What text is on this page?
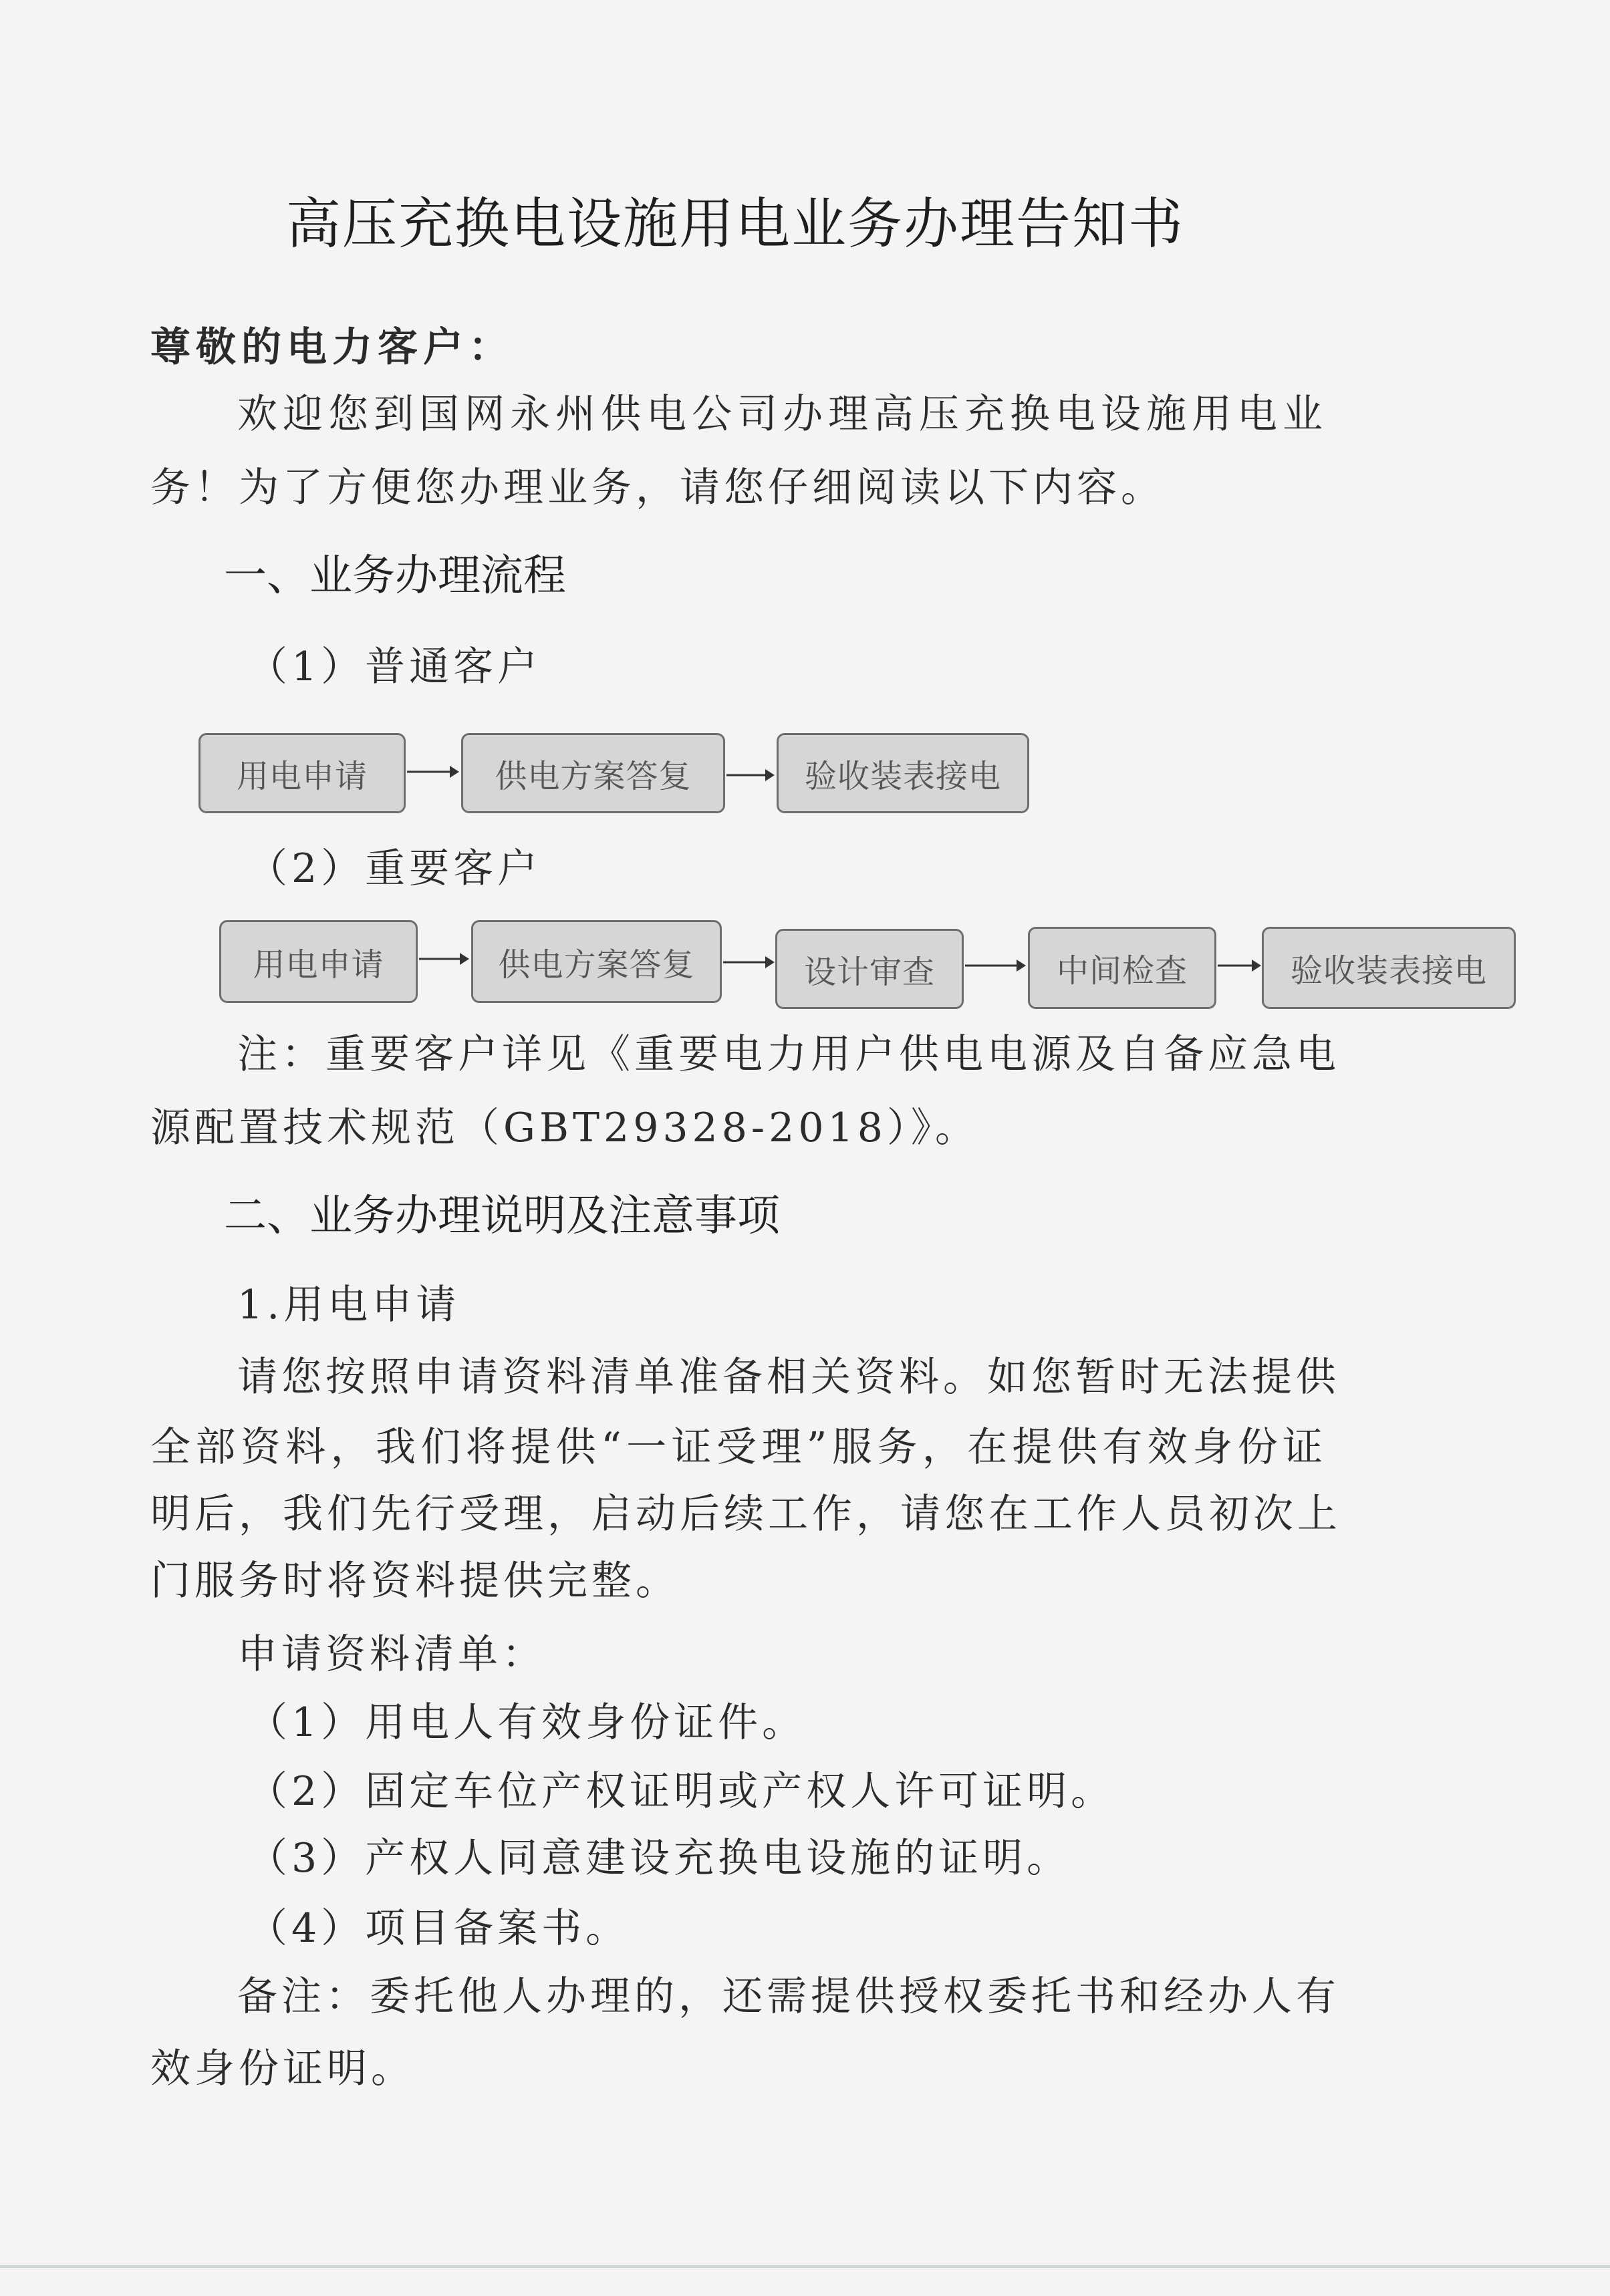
高压充换电设施用电业务办理告知书
尊敬的电力客户：
欢迎您到国网永州供电公司办理高压充换电设施用电业
务！为了方便您办理业务，请您仔细阅读以下内容。
一、业务办理流程
（1）普通客户
用电申请	供电方案答复	验收装表接电
（2）重要客户
用电申请	供电方案答复	设计审查	中间检查	验收装表接电
注：重要客户详见《重要电力用户供电电源及自备应急电
源配置技术规范（GBT29328-2018）》。
二、业务办理说明及注意事项
1.用电申请
请您按照申请资料清单准备相关资料。如您暂时无法提供
全部资料，我们将提供“一证受理”服务，在提供有效身份证
明后，我们先行受理，启动后续工作，请您在工作人员初次上
门服务时将资料提供完整。
申请资料清单：
（1）用电人有效身份证件。
（2）固定车位产权证明或产权人许可证明。
（3）产权人同意建设充换电设施的证明。
（4）项目备案书。
备注：委托他人办理的，还需提供授权委托书和经办人有
效身份证明。
